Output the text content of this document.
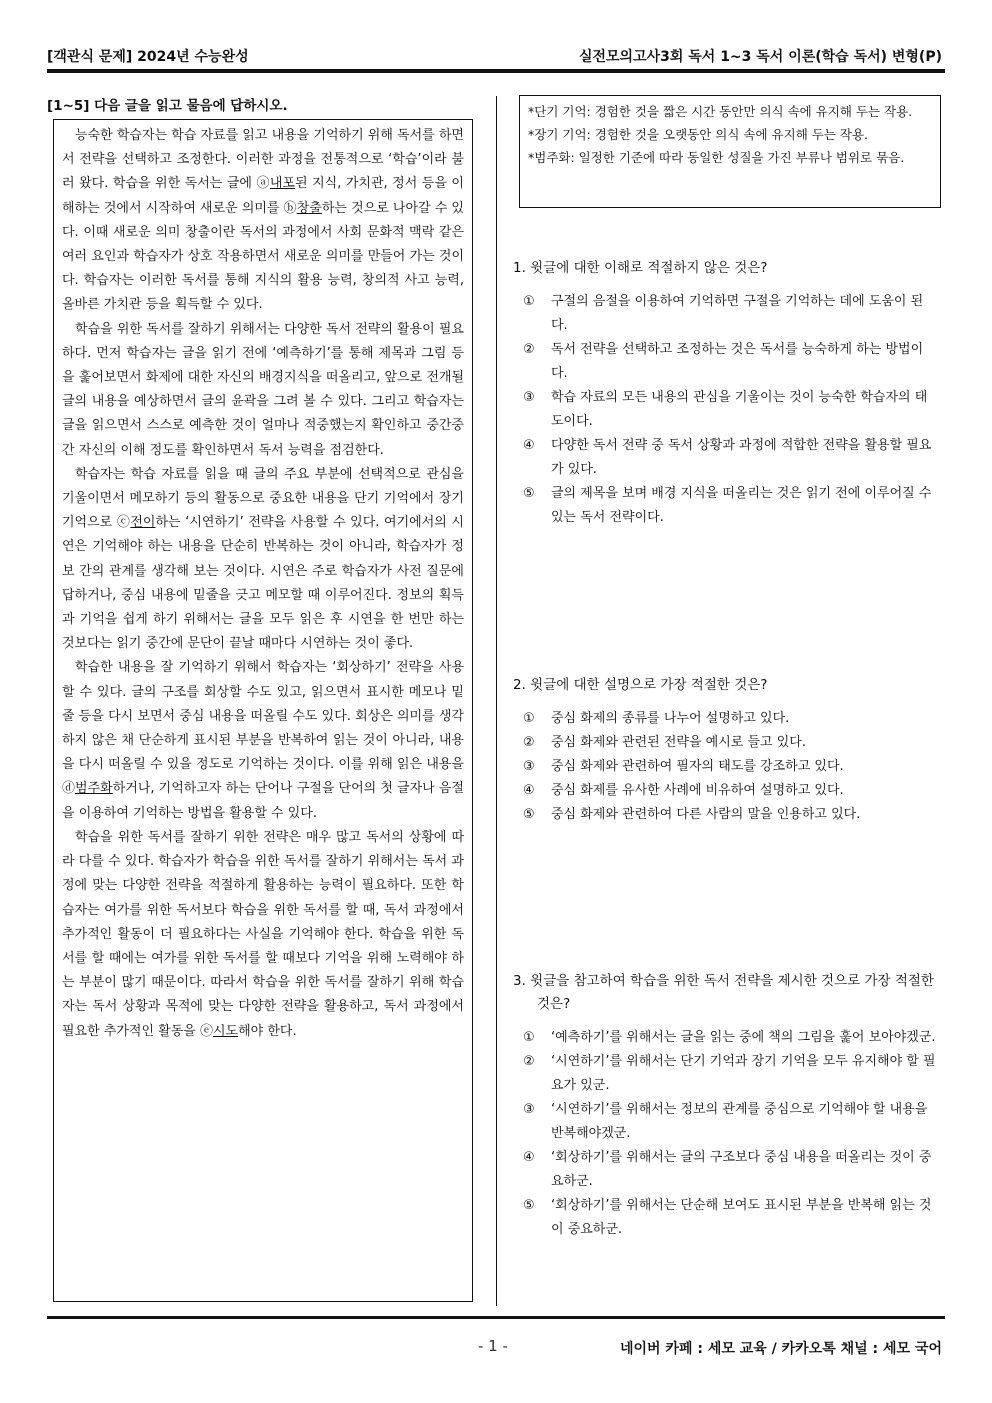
[객관식 문제] 2024년 수능완성	실전모의고사3회 독서 1~3 독서 이론(학습 독서) 변형(P)
[1~5] 다음 글을 읽고 물음에 답하시오.

능숙한 학습자는 학습 자료를 읽고 내용을 기억하기 위해 독서를 하면서 전략을 선택하고 조정한다. 이러한 과정을 전통적으로 ‘학습’이라 불러 왔다. 학습을 위한 독서는 글에 ⓐ내포된 지식, 가치관, 정서 등을 이해하는 것에서 시작하여 새로운 의미를 ⓑ창출하는 것으로 나아갈 수 있다. 이때 새로운 의미 창출이란 독서의 과정에서 사회 문화적 맥락 같은 여러 요인과 학습자가 상호 작용하면서 새로운 의미를 만들어 가는 것이다. 학습자는 이러한 독서를 통해 지식의 활용 능력, 창의적 사고 능력, 올바른 가치관 등을 획득할 수 있다.

학습을 위한 독서를 잘하기 위해서는 다양한 독서 전략의 활용이 필요하다. 먼저 학습자는 글을 읽기 전에 ‘예측하기’를 통해 제목과 그림 등을 훑어보면서 화제에 대한 자신의 배경지식을 떠올리고, 앞으로 전개될 글의 내용을 예상하면서 글의 윤곽을 그려 볼 수 있다. 그리고 학습자는 글을 읽으면서 스스로 예측한 것이 얼마나 적중했는지 확인하고 중간중간 자신의 이해 정도를 확인하면서 독서 능력을 점검한다.

학습자는 학습 자료를 읽을 때 글의 주요 부분에 선택적으로 관심을 기울이면서 메모하기 등의 활동으로 중요한 내용을 단기 기억에서 장기 기억으로 ⓒ전이하는 ‘시연하기’ 전략을 사용할 수 있다. 여기에서의 시연은 기억해야 하는 내용을 단순히 반복하는 것이 아니라, 학습자가 정보 간의 관계를 생각해 보는 것이다. 시연은 주로 학습자가 사전 질문에 답하거나, 중심 내용에 밑줄을 긋고 메모할 때 이루어진다. 정보의 획득과 기억을 쉽게 하기 위해서는 글을 모두 읽은 후 시연을 한 번만 하는 것보다는 읽기 중간에 문단이 끝날 때마다 시연하는 것이 좋다.

학습한 내용을 잘 기억하기 위해서 학습자는 ‘회상하기’ 전략을 사용할 수 있다. 글의 구조를 회상할 수도 있고, 읽으면서 표시한 메모나 밑줄 등을 다시 보면서 중심 내용을 떠올릴 수도 있다. 회상은 의미를 생각하지 않은 채 단순하게 표시된 부분을 반복하여 읽는 것이 아니라, 내용을 다시 떠올릴 수 있을 정도로 기억하는 것이다. 이를 위해 읽은 내용을 ⓓ범주화하거나, 기억하고자 하는 단어나 구절을 단어의 첫 글자나 음절을 이용하여 기억하는 방법을 활용할 수 있다.

학습을 위한 독서를 잘하기 위한 전략은 매우 많고 독서의 상황에 따라 다를 수 있다. 학습자가 학습을 위한 독서를 잘하기 위해서는 독서 과정에 맞는 다양한 전략을 적절하게 활용하는 능력이 필요하다. 또한 학습자는 여가를 위한 독서보다 학습을 위한 독서를 할 때, 독서 과정에서 추가적인 활동이 더 필요하다는 사실을 기억해야 한다. 학습을 위한 독서를 할 때에는 여가를 위한 독서를 할 때보다 기억을 위해 노력해야 하는 부분이 많기 때문이다. 따라서 학습을 위한 독서를 잘하기 위해 학습자는 독서 상황과 목적에 맞는 다양한 전략을 활용하고, 독서 과정에서 필요한 추가적인 활동을 ⓔ시도해야 한다.

*단기 기억: 경험한 것을 짧은 시간 동안만 의식 속에 유지해 두는 작용.

*장기 기억: 경험한 것을 오랫동안 의식 속에 유지해 두는 작용.

*범주화: 일정한 기준에 따라 동일한 성질을 가진 부류나 범위로 묶음.

1. 윗글에 대한 이해로 적절하지 않은 것은?

①	구절의 음절을 이용하여 기억하면 구절을 기억하는 데에 도움이 된다.
②	독서 전략을 선택하고 조정하는 것은 독서를 능숙하게 하는 방법이다.
③	학습 자료의 모든 내용의 관심을 기울이는 것이 능숙한 학습자의 태도이다.
④	다양한 독서 전략 중 독서 상황과 과정에 적합한 전략을 활용할 필요가 있다.
⑤	글의 제목을 보며 배경 지식을 떠올리는 것은 읽기 전에 이루어질 수 있는 독서 전략이다.

2. 윗글에 대한 설명으로 가장 적절한 것은?

①	중심 화제의 종류를 나누어 설명하고 있다.
②	중심 화제와 관련된 전략을 예시로 들고 있다.
③	중심 화제와 관련하여 필자의 태도를 강조하고 있다.
④	중심 화제를 유사한 사례에 비유하여 설명하고 있다.
⑤	중심 화제와 관련하여 다른 사람의 말을 인용하고 있다.

3. 윗글을 참고하여 학습을 위한 독서 전략을 제시한 것으로 가장 적절한 것은?

①	‘예측하기’를 위해서는 글을 읽는 중에 책의 그림을 훑어 보아야겠군.
②	‘시연하기’를 위해서는 단기 기억과 장기 기억을 모두 유지해야 할 필요가 있군.
③	‘시연하기’를 위해서는 정보의 관계를 중심으로 기억해야 할 내용을 반복해야겠군.
④	‘회상하기’를 위해서는 글의 구조보다 중심 내용을 떠올리는 것이 중요하군.
⑤	‘회상하기’를 위해서는 단순해 보여도 표시된 부분을 반복해 읽는 것이 중요하군.
- 1 -	네이버 카페 : 세모 교육 / 카카오톡 채널 : 세모 국어
